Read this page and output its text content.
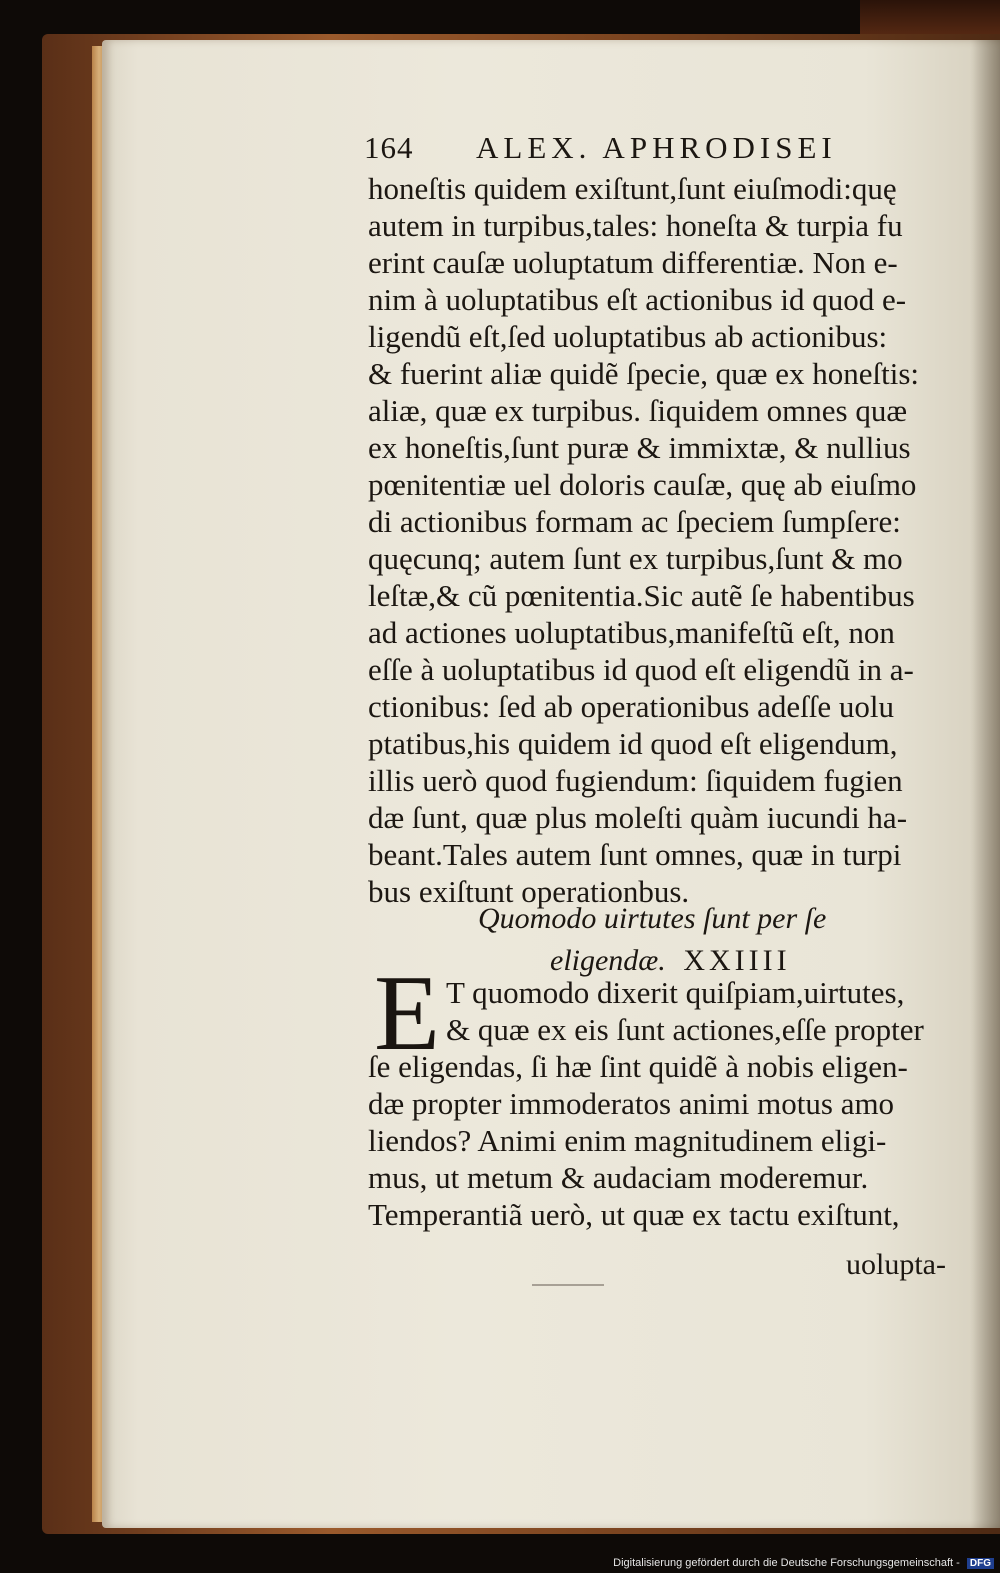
164 ALEX. APHRODISEI
honeſtis quidem exiſtunt,ſunt eiuſmodi:quę
autem in turpibus,tales: honeſta & turpia fu
erint cauſæ uoluptatum differentiæ. Non e-
nim à uoluptatibus eſt actionibus id quod e-
ligendũ eſt,ſed uoluptatibus ab actionibus:
& fuerint aliæ quidẽ ſpecie, quæ ex honeſtis:
aliæ, quæ ex turpibus. ſiquidem omnes quæ
ex honeſtis,ſunt puræ & immixtæ, & nullius
pœnitentiæ uel doloris cauſæ, quę ab eiuſmo
di actionibus formam ac ſpeciem ſumpſere:
quęcunq; autem ſunt ex turpibus,ſunt & mo
leſtæ,& cũ pœnitentia.Sic autẽ ſe habentibus
ad actiones uoluptatibus,manifeſtũ eſt, non
eſſe à uoluptatibus id quod eſt eligendũ in a-
ctionibus: ſed ab operationibus adeſſe uolu
ptatibus,his quidem id quod eſt eligendum,
illis uerò quod fugiendum: ſiquidem fugien
dæ ſunt, quæ plus moleſti quàm iucundi ha-
beant.Tales autem ſunt omnes, quæ in turpi
bus exiſtunt operationbus.
Quomodo uirtutes ſunt per ſe
eligendæ. XXIIII
E T quomodo dixerit quiſpiam,uirtutes,
& quæ ex eis ſunt actiones,eſſe propter
ſe eligendas, ſi hæ ſint quidẽ à nobis eligen-
dæ propter immoderatos animi motus amo
liendos? Animi enim magnitudinem eligi-
mus, ut metum & audaciam moderemur.
Temperantiã uerò, ut quæ ex tactu exiſtunt,
uolupta-
Digitalisierung gefördert durch die Deutsche Forschungsgemeinschaft - DFG
